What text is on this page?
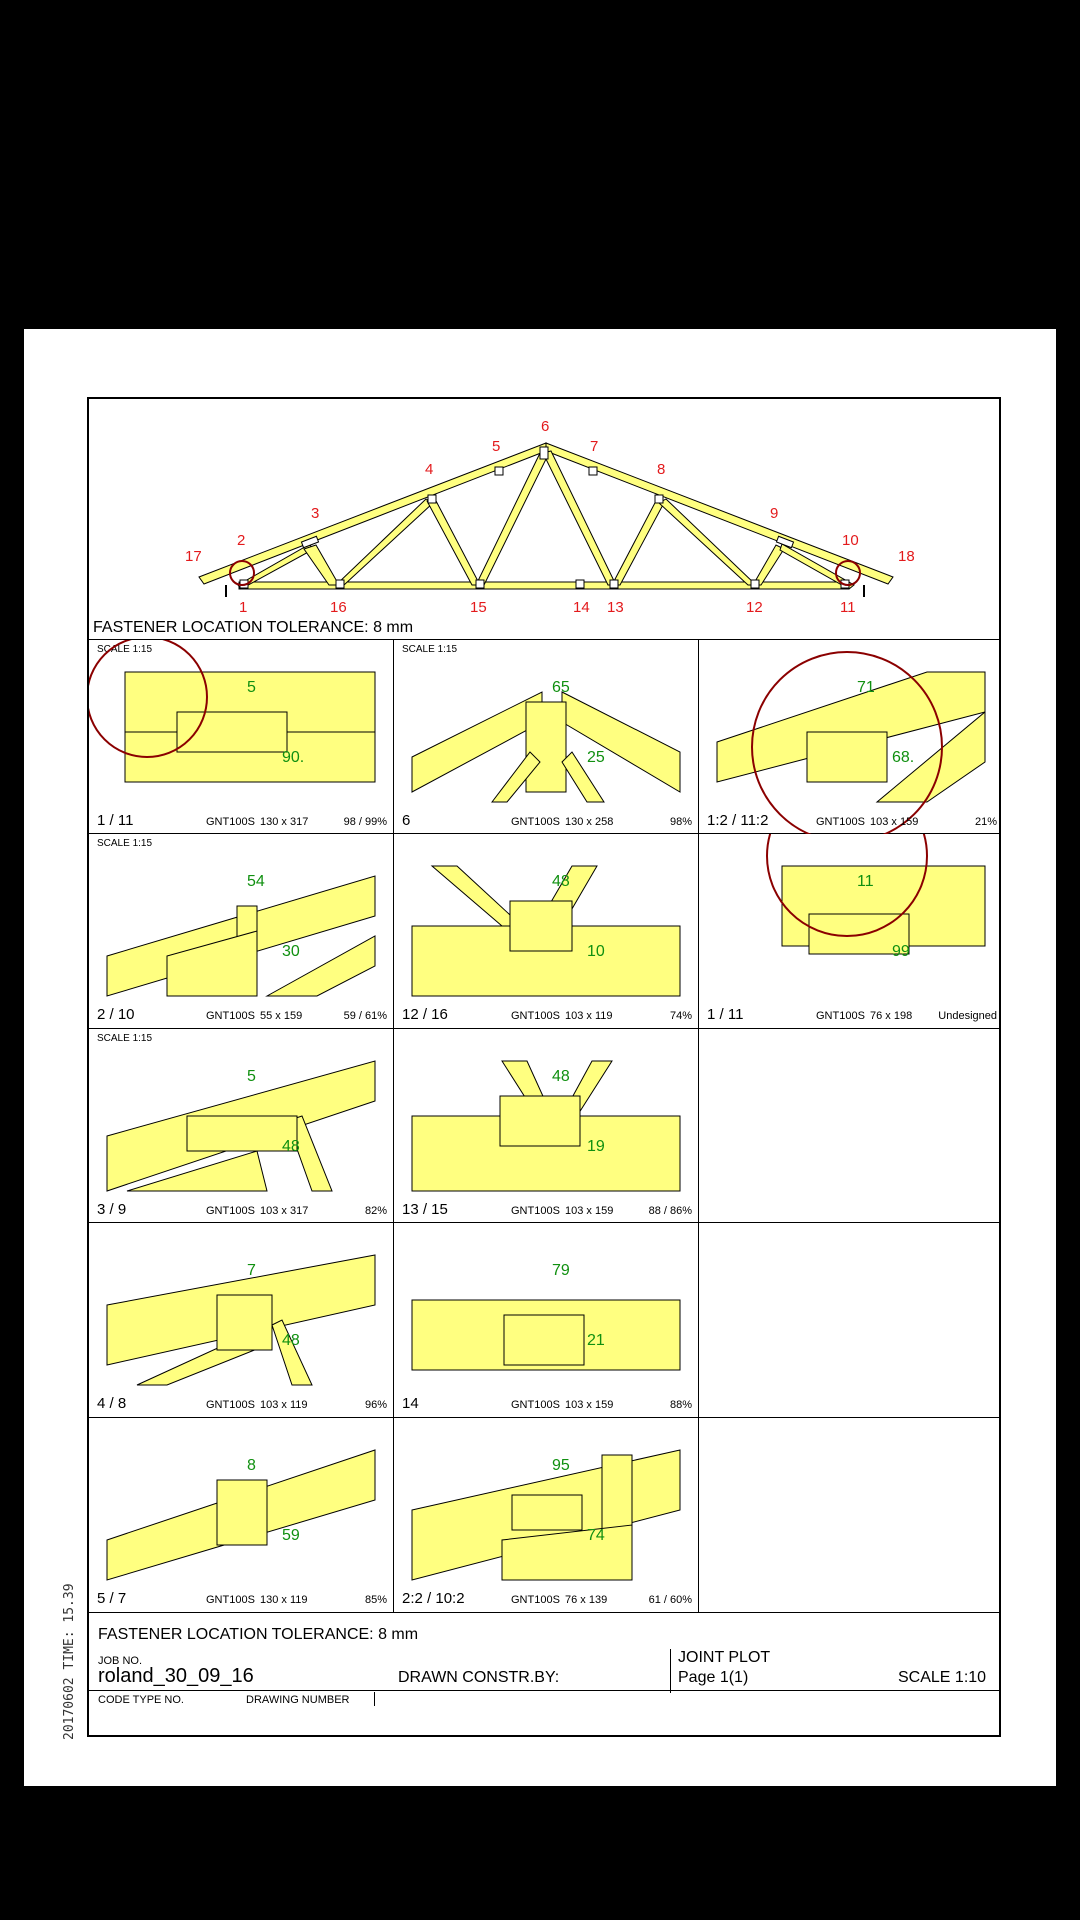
20170602 TIME: 15.39
17
2
3
4
5
6
7
8
9
10
18
1	16	15	14 13	12	11
FASTENER LOCATION TOLERANCE: 8 mm
SCALE 1:15
5
90.
1 / 11	GNT100S 130 x 317	98 / 99%
SCALE 1:15
65
25
6	GNT100S 130 x 258	98%
71
68.
1:2 / 11:2	GNT100S 103 x 159	21%
SCALE 1:15
54
30
2 / 10	GNT100S 55 x 159	59 / 61%
48
10
12 / 16	GNT100S 103 x 119	74%
11
99
1 / 11	GNT100S 76 x 198 Undesigned
SCALE 1:15
5
48
3 / 9	GNT100S 103 x 317	82%
48
19
13 / 15	GNT100S 103 x 159	88 / 86%
7
48
4 / 8	GNT100S 103 x 119	96%
79
21
14	GNT100S 103 x 159	88%
8
59
5 / 7	GNT100S 130 x 119	85%
95
74
2:2 / 10:2	GNT100S 76 x 139	61 / 60%
FASTENER LOCATION TOLERANCE: 8 mm
JOB NO.
roland_30_09_16	DRAWN CONSTR.BY:
JOINT PLOT
Page 1(1)	SCALE 1:10
CODE TYPE NO.	DRAWING NUMBER
